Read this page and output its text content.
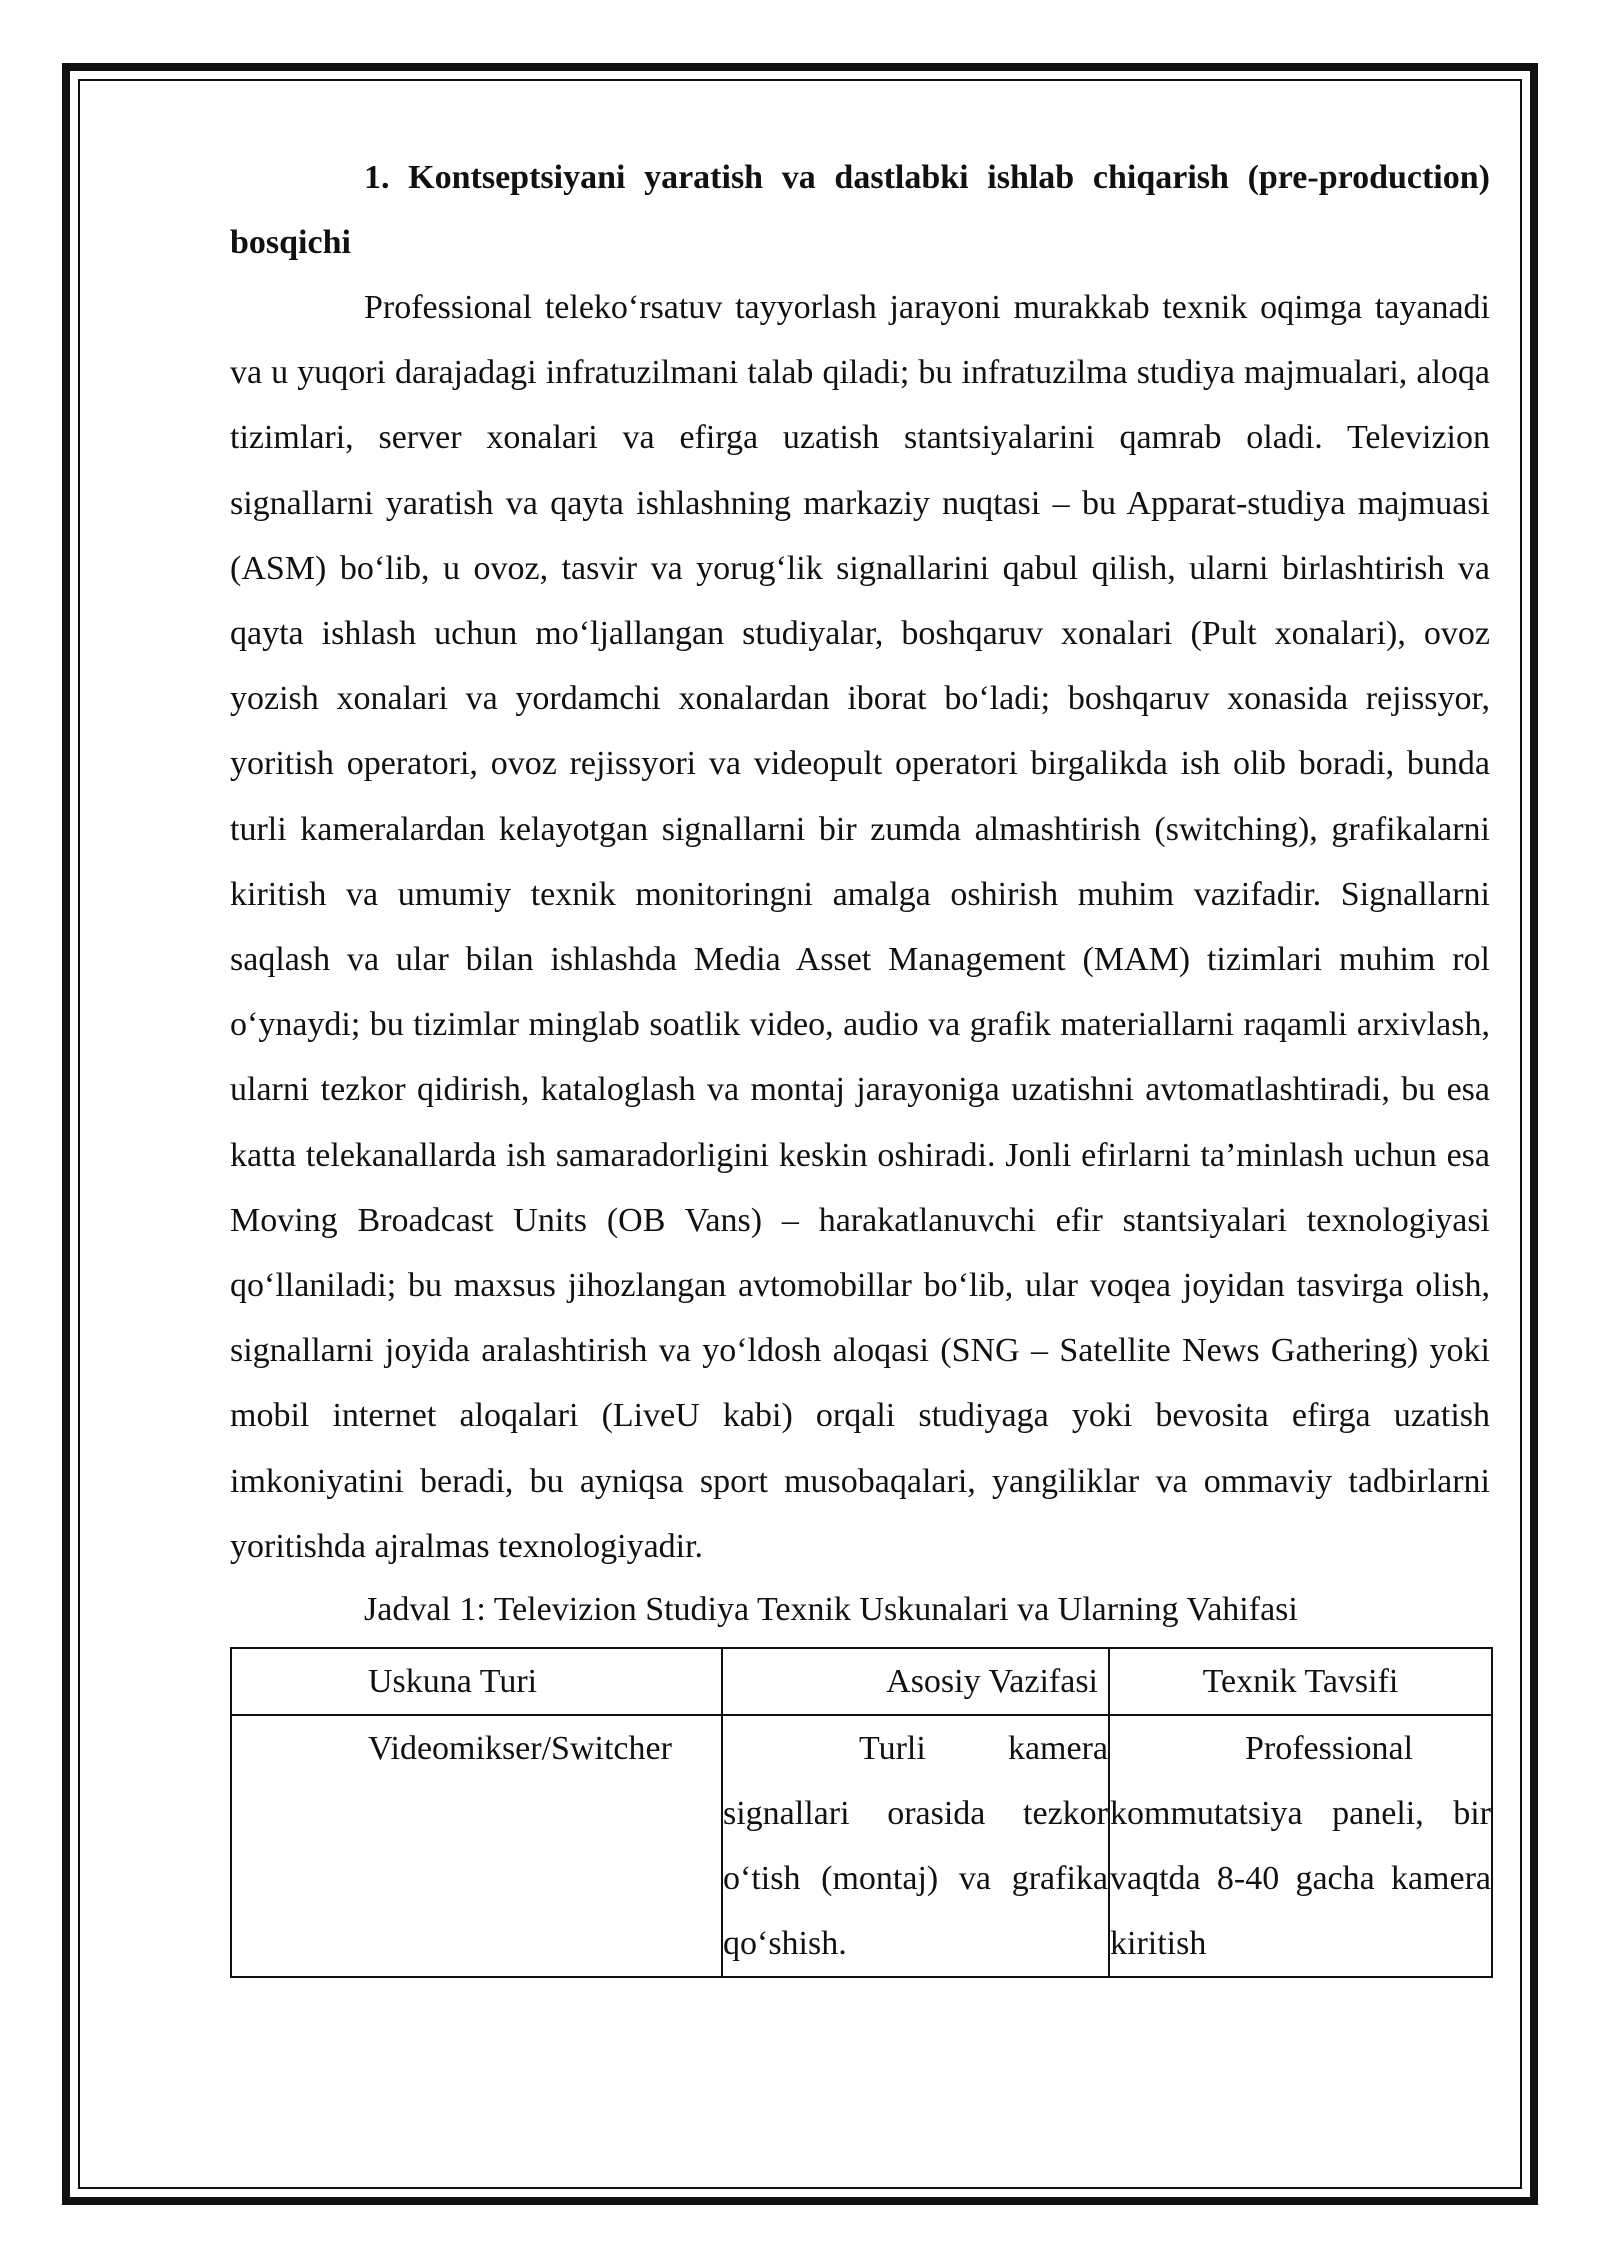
1. Kontseptsiyani yaratish va dastlabki ishlab chiqarish (pre-production) bosqichi

Professional teleko‘rsatuv tayyorlash jarayoni murakkab texnik oqimga tayanadi va u yuqori darajadagi infratuzilmani talab qiladi; bu infratuzilma studiya majmualari, aloqa tizimlari, server xonalari va efirga uzatish stantsiyalarini qamrab oladi. Televizion signallarni yaratish va qayta ishlashning markaziy nuqtasi – bu Apparat-studiya majmuasi (ASM) bo‘lib, u ovoz, tasvir va yorug‘lik signallarini qabul qilish, ularni birlashtirish va qayta ishlash uchun mo‘ljallangan studiyalar, boshqaruv xonalari (Pult xonalari), ovoz yozish xonalari va yordamchi xonalardan iborat bo‘ladi; boshqaruv xonasida rejissyor, yoritish operatori, ovoz rejissyori va videopult operatori birgalikda ish olib boradi, bunda turli kameralardan kelayotgan signallarni bir zumda almashtirish (switching), grafikalarni kiritish va umumiy texnik monitoringni amalga oshirish muhim vazifadir. Signallarni saqlash va ular bilan ishlashda Media Asset Management (MAM) tizimlari muhim rol o‘ynaydi; bu tizimlar minglab soatlik video, audio va grafik materiallarni raqamli arxivlash, ularni tezkor qidirish, kataloglash va montaj jarayoniga uzatishni avtomatlashtiradi, bu esa katta telekanallarda ish samaradorligini keskin oshiradi. Jonli efirlarni ta’minlash uchun esa Moving Broadcast Units (OB Vans) – harakatlanuvchi efir stantsiyalari texnologiyasi qo‘llaniladi; bu maxsus jihozlangan avtomobillar bo‘lib, ular voqea joyidan tasvirga olish, signallarni joyida aralashtirish va yo‘ldosh aloqasi (SNG – Satellite News Gathering) yoki mobil internet aloqalari (LiveU kabi) orqali studiyaga yoki bevosita efirga uzatish imkoniyatini beradi, bu ayniqsa sport musobaqalari, yangiliklar va ommaviy tadbirlarni yoritishda ajralmas texnologiyadir.

Jadval 1: Televizion Studiya Texnik Uskunalari va Ularning Vahifasi

Uskuna Turi	Asosiy Vazifasi	Texnik Tavsifi
Videomikser/Switcher	Turli kamera signallari orasida tezkor o‘tish (montaj) va grafika qo‘shish.	Professional kommutatsiya paneli, bir vaqtda 8-40 gacha kamera kiritish
